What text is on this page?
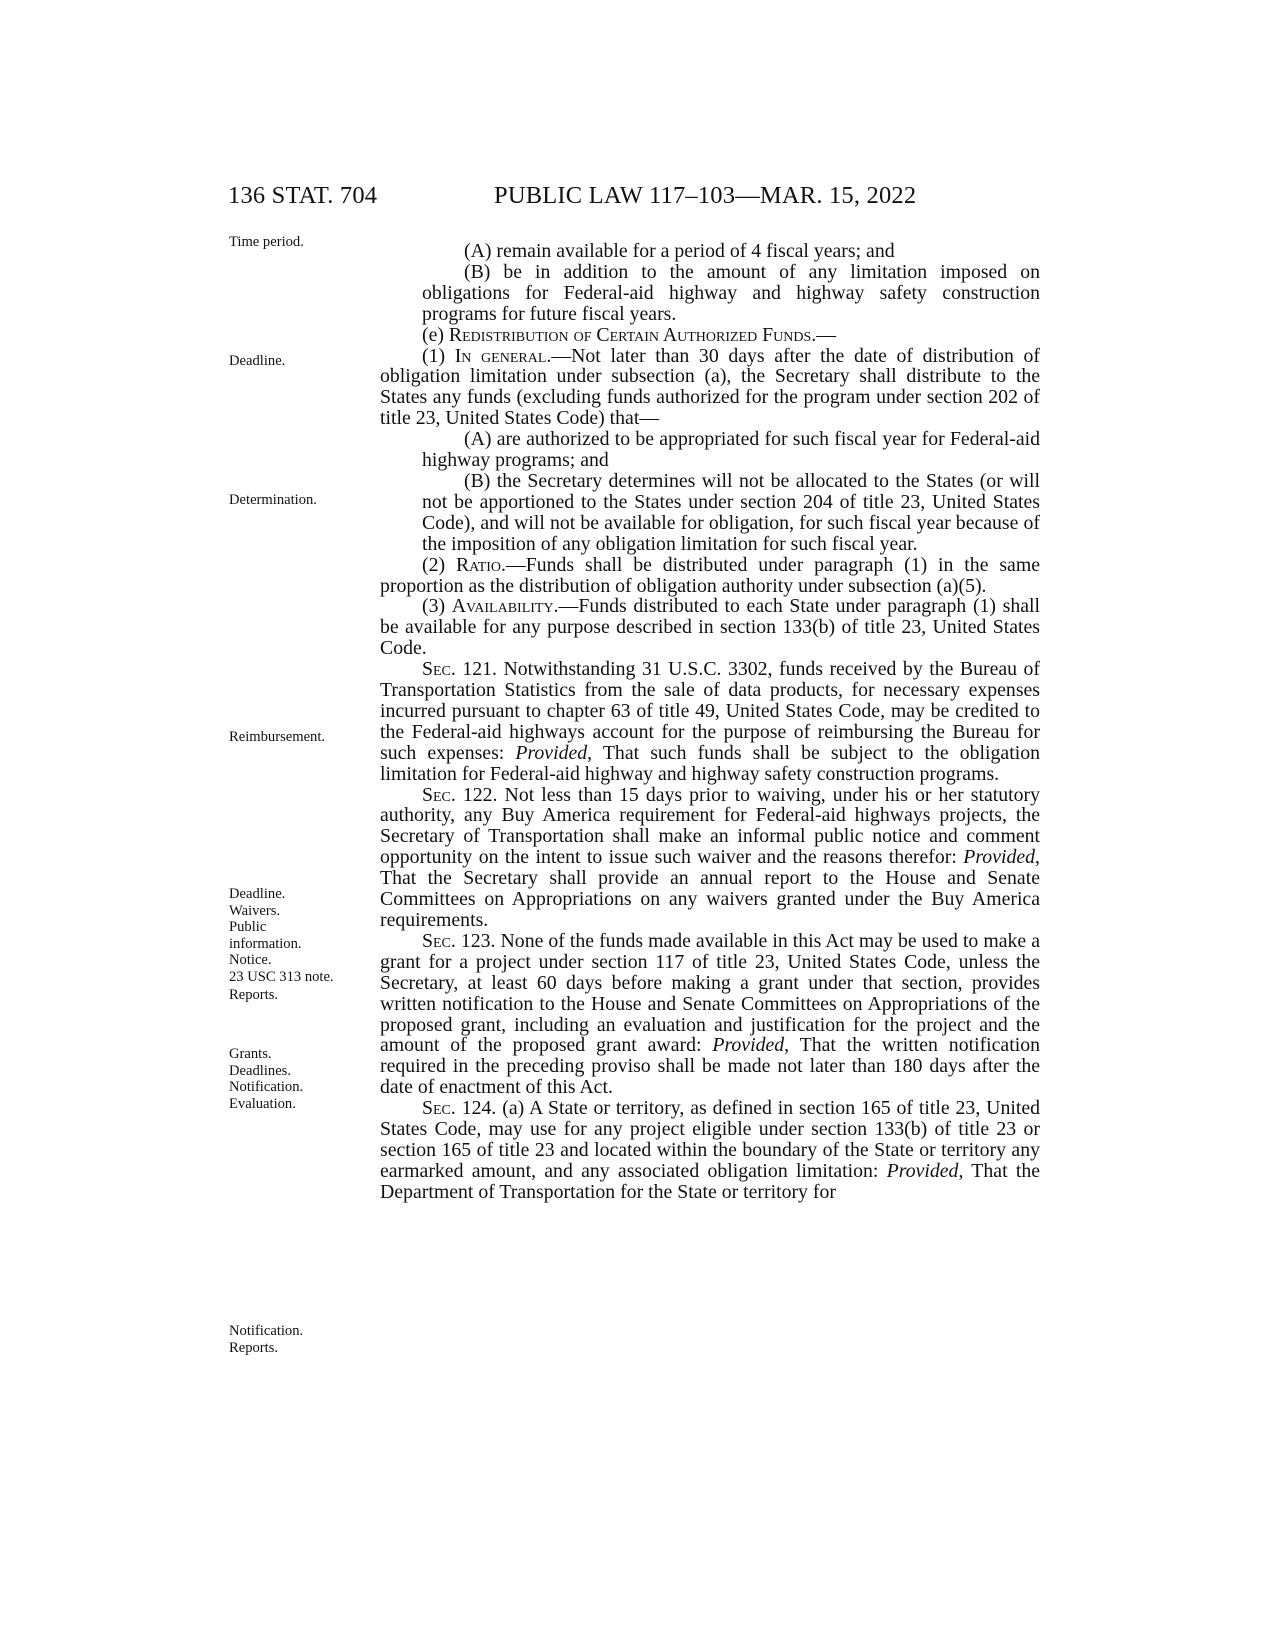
136 STAT. 704	PUBLIC LAW 117–103—MAR. 15, 2022
Time period.
Deadline.
Determination.
Reimbursement.
Deadline.
Waivers.
Public
information.
Notice.
23 USC 313 note.
Reports.
Grants.
Deadlines.
Notification.
Evaluation.
Notification.
Reports.

(A) remain available for a period of 4 fiscal years; and

(B) be in addition to the amount of any limitation imposed on obligations for Federal-aid highway and highway safety construction programs for future fiscal years.

(e) Redistribution of Certain Authorized Funds.—

(1) In general.—Not later than 30 days after the date of distribution of obligation limitation under subsection (a), the Secretary shall distribute to the States any funds (excluding funds authorized for the program under section 202 of title 23, United States Code) that—

(A) are authorized to be appropriated for such fiscal year for Federal-aid highway programs; and

(B) the Secretary determines will not be allocated to the States (or will not be apportioned to the States under section 204 of title 23, United States Code), and will not be available for obligation, for such fiscal year because of the imposition of any obligation limitation for such fiscal year.

(2) Ratio.—Funds shall be distributed under paragraph (1) in the same proportion as the distribution of obligation authority under subsection (a)(5).

(3) Availability.—Funds distributed to each State under paragraph (1) shall be available for any purpose described in section 133(b) of title 23, United States Code.

Sec. 121. Notwithstanding 31 U.S.C. 3302, funds received by the Bureau of Transportation Statistics from the sale of data products, for necessary expenses incurred pursuant to chapter 63 of title 49, United States Code, may be credited to the Federal-aid highways account for the purpose of reimbursing the Bureau for such expenses: Provided, That such funds shall be subject to the obligation limitation for Federal-aid highway and highway safety construction programs.

Sec. 122. Not less than 15 days prior to waiving, under his or her statutory authority, any Buy America requirement for Federal-aid highways projects, the Secretary of Transportation shall make an informal public notice and comment opportunity on the intent to issue such waiver and the reasons therefor: Provided, That the Secretary shall provide an annual report to the House and Senate Committees on Appropriations on any waivers granted under the Buy America requirements.

Sec. 123. None of the funds made available in this Act may be used to make a grant for a project under section 117 of title 23, United States Code, unless the Secretary, at least 60 days before making a grant under that section, provides written notification to the House and Senate Committees on Appropriations of the proposed grant, including an evaluation and justification for the project and the amount of the proposed grant award: Provided, That the written notification required in the preceding proviso shall be made not later than 180 days after the date of enactment of this Act.

Sec. 124. (a) A State or territory, as defined in section 165 of title 23, United States Code, may use for any project eligible under section 133(b) of title 23 or section 165 of title 23 and located within the boundary of the State or territory any earmarked amount, and any associated obligation limitation: Provided, That the Department of Transportation for the State or territory for
